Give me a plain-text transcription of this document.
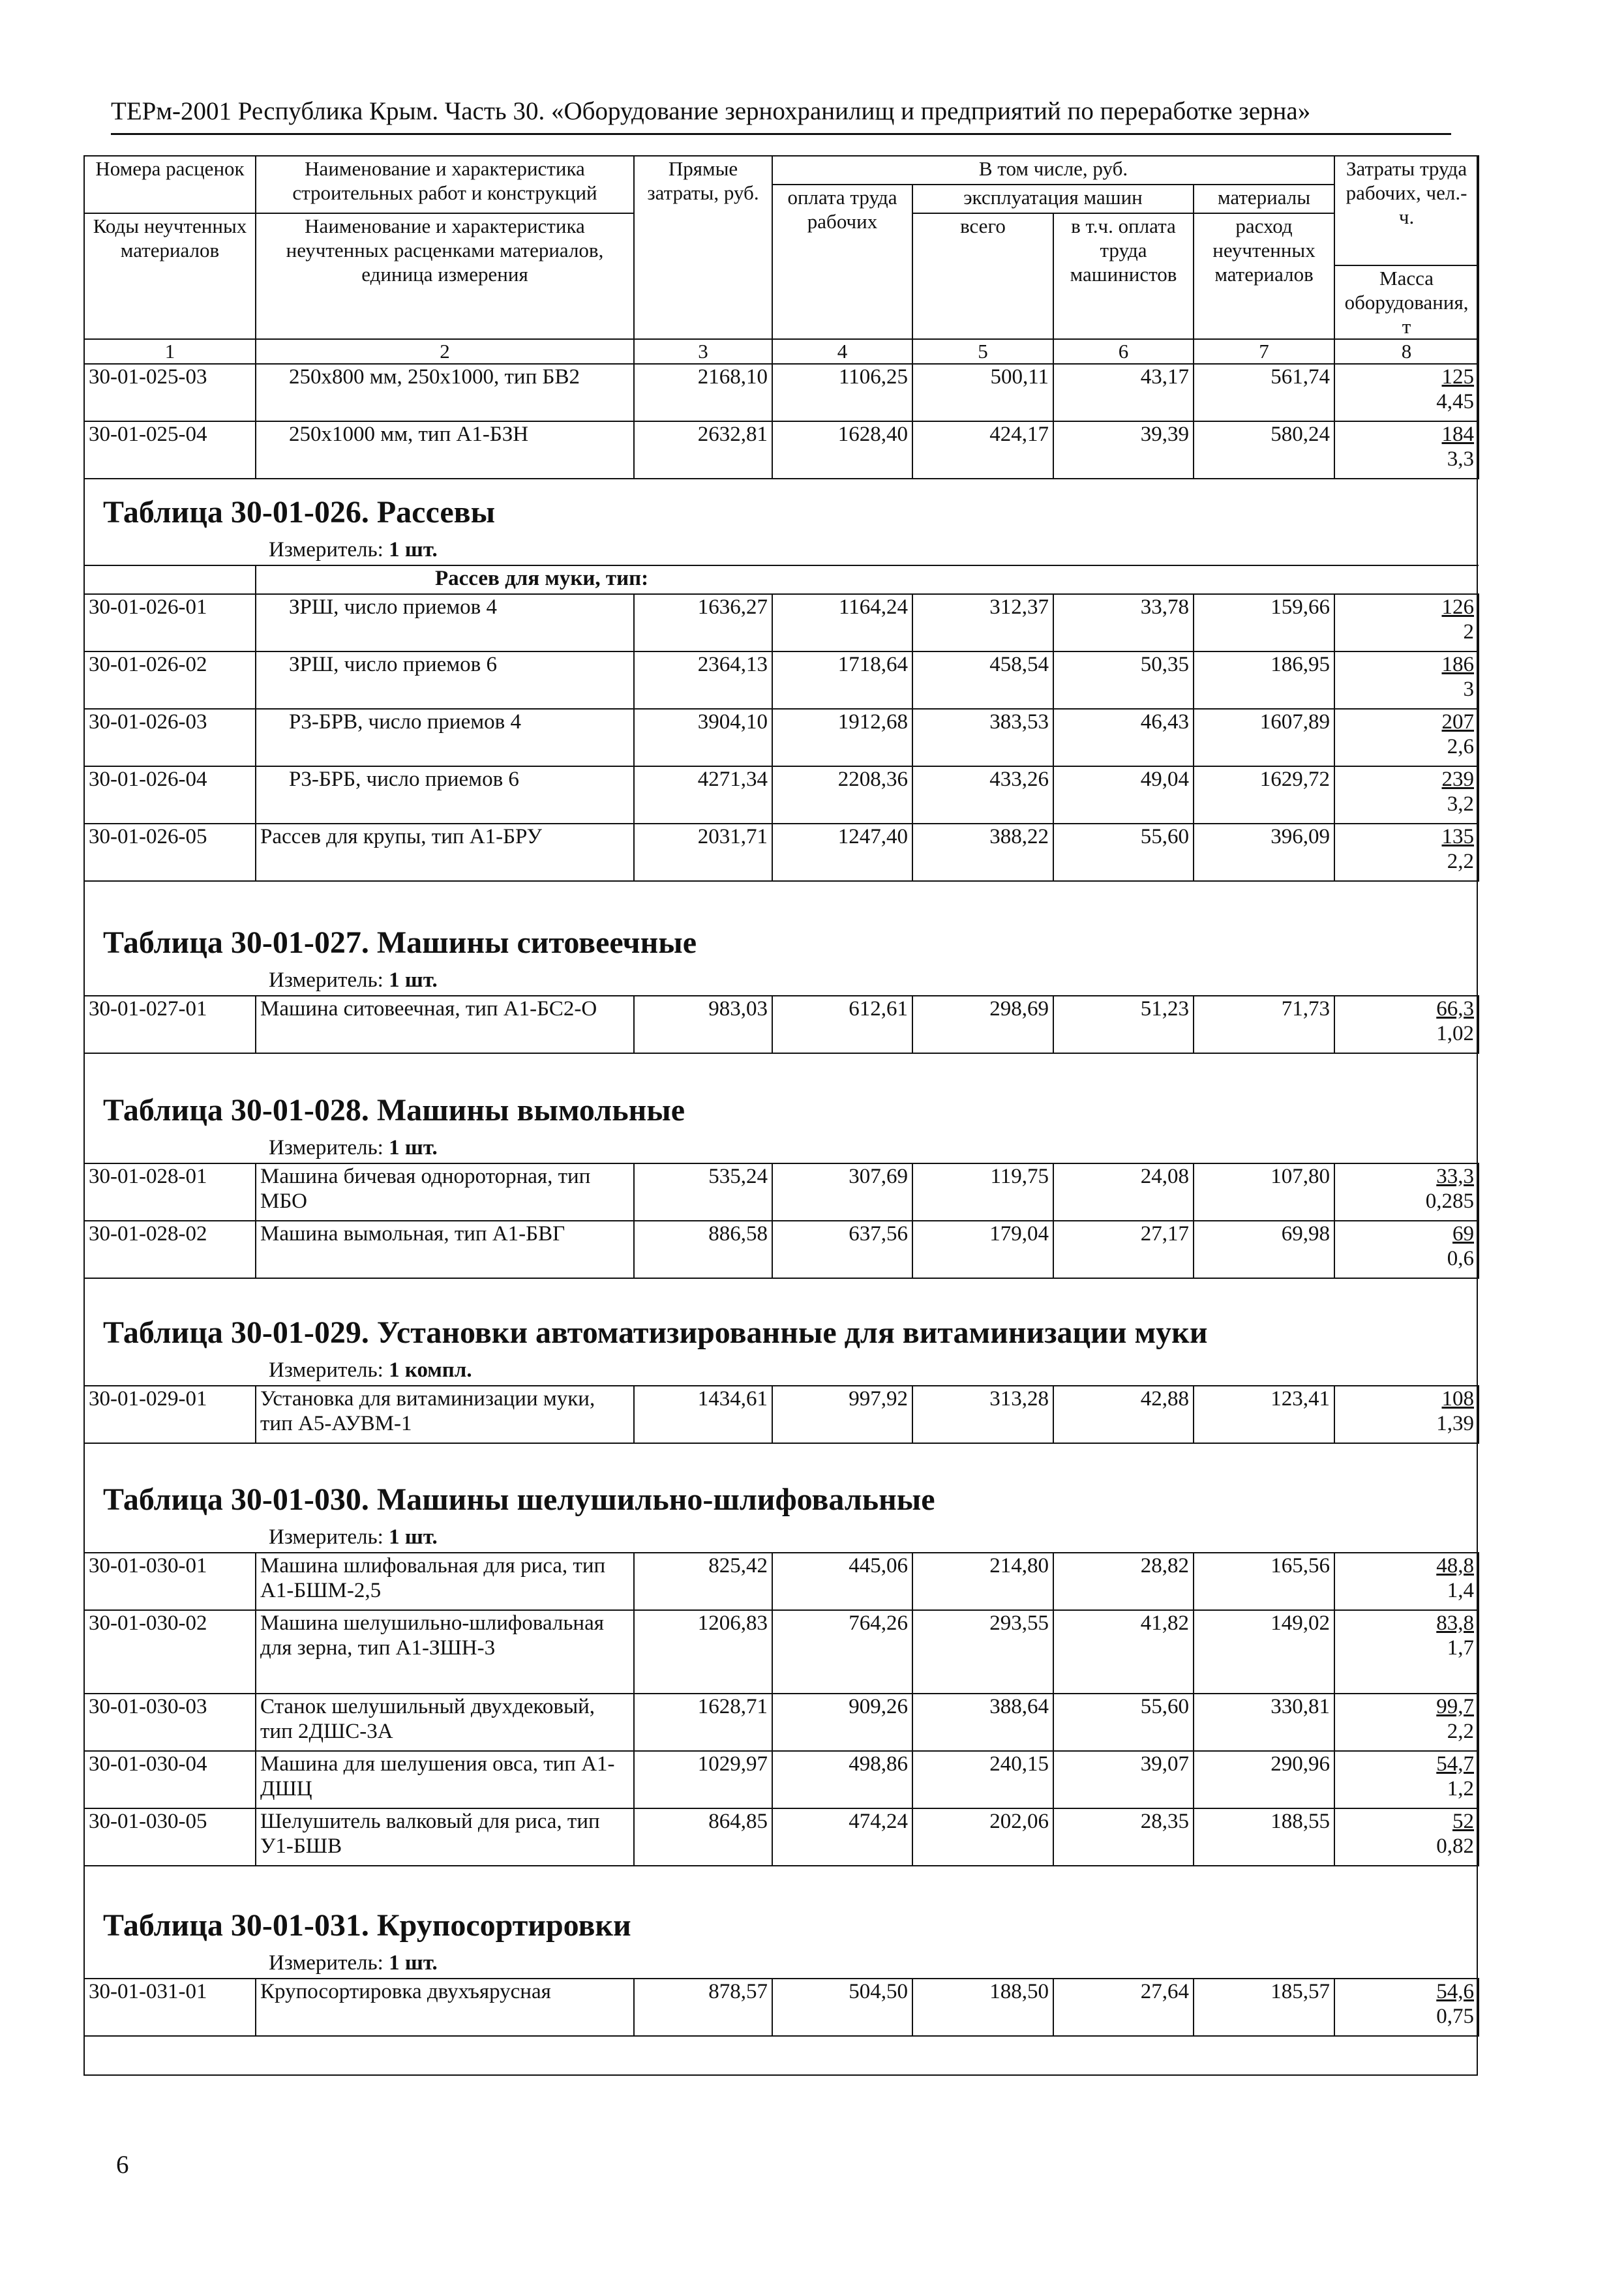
ТЕРм-2001 Республика Крым. Часть 30. «Оборудование зернохранилищ и предприятий по переработке зерна»
Номера расценок	Наименование и характеристика строительных работ и конструкций	Прямые затраты, руб.	В том числе, руб.				Затраты труда рабочих, чел.-ч.
			оплата труда рабочих	эксплуатация машин		материалы	
Коды неучтенных материалов	Наименование и характеристика неучтенных расценками материалов, единица измерения			всего	в т.ч. оплата труда машинистов	расход неучтенных материалов	
							Масса оборудования, т
1	2	3	4	5	6	7	8
30-01-025-03	250х800 мм, 250х1000, тип БВ2	2168,10	1106,25	500,11	43,17	561,74	125
4,45

30-01-025-04	250х1000 мм, тип А1-БЗН	2632,81	1628,40	424,17	39,39	580,24	184
3,3
Таблица 30-01-026. Рассевы
Измеритель: 1 шт.
	Рассев для муки, тип:						
30-01-026-01	ЗРШ, число приемов 4	1636,27	1164,24	312,37	33,78	159,66	126
2

30-01-026-02	ЗРШ, число приемов 6	2364,13	1718,64	458,54	50,35	186,95	186
3

30-01-026-03	Р3-БРВ, число приемов 4	3904,10	1912,68	383,53	46,43	1607,89	207
2,6

30-01-026-04	Р3-БРБ, число приемов 6	4271,34	2208,36	433,26	49,04	1629,72	239
3,2

30-01-026-05	Рассев для крупы, тип А1-БРУ	2031,71	1247,40	388,22	55,60	396,09	135
2,2
Таблица 30-01-027. Машины ситовеечные
Измеритель: 1 шт.
30-01-027-01	Машина ситовеечная, тип А1-БС2-О	983,03	612,61	298,69	51,23	71,73	66,3
1,02
Таблица 30-01-028. Машины вымольные
Измеритель: 1 шт.
30-01-028-01	Машина бичевая однороторная, тип МБО	535,24	307,69	119,75	24,08	107,80	33,3
0,285

30-01-028-02	Машина вымольная, тип А1-БВГ	886,58	637,56	179,04	27,17	69,98	69
0,6
Таблица 30-01-029. Установки автоматизированные для витаминизации муки
Измеритель: 1 компл.
30-01-029-01	Установка для витаминизации муки, тип А5-АУВМ-1	1434,61	997,92	313,28	42,88	123,41	108
1,39
Таблица 30-01-030. Машины шелушильно-шлифовальные
Измеритель: 1 шт.
30-01-030-01	Машина шлифовальная для риса, тип А1-БШМ-2,5	825,42	445,06	214,80	28,82	165,56	48,8
1,4

30-01-030-02	Машина шелушильно-шлифовальная для зерна, тип А1-ЗШН-3	1206,83	764,26	293,55	41,82	149,02	83,8
1,7

30-01-030-03	Станок шелушильный двухдековый, тип 2ДШС-3А	1628,71	909,26	388,64	55,60	330,81	99,7
2,2

30-01-030-04	Машина для шелушения овса, тип А1-ДШЦ	1029,97	498,86	240,15	39,07	290,96	54,7
1,2

30-01-030-05	Шелушитель валковый для риса, тип У1-БШВ	864,85	474,24	202,06	28,35	188,55	52
0,82
Таблица 30-01-031. Крупосортировки
Измеритель: 1 шт.
30-01-031-01	Крупосортировка двухъярусная	878,57	504,50	188,50	27,64	185,57	54,6
0,75
6
